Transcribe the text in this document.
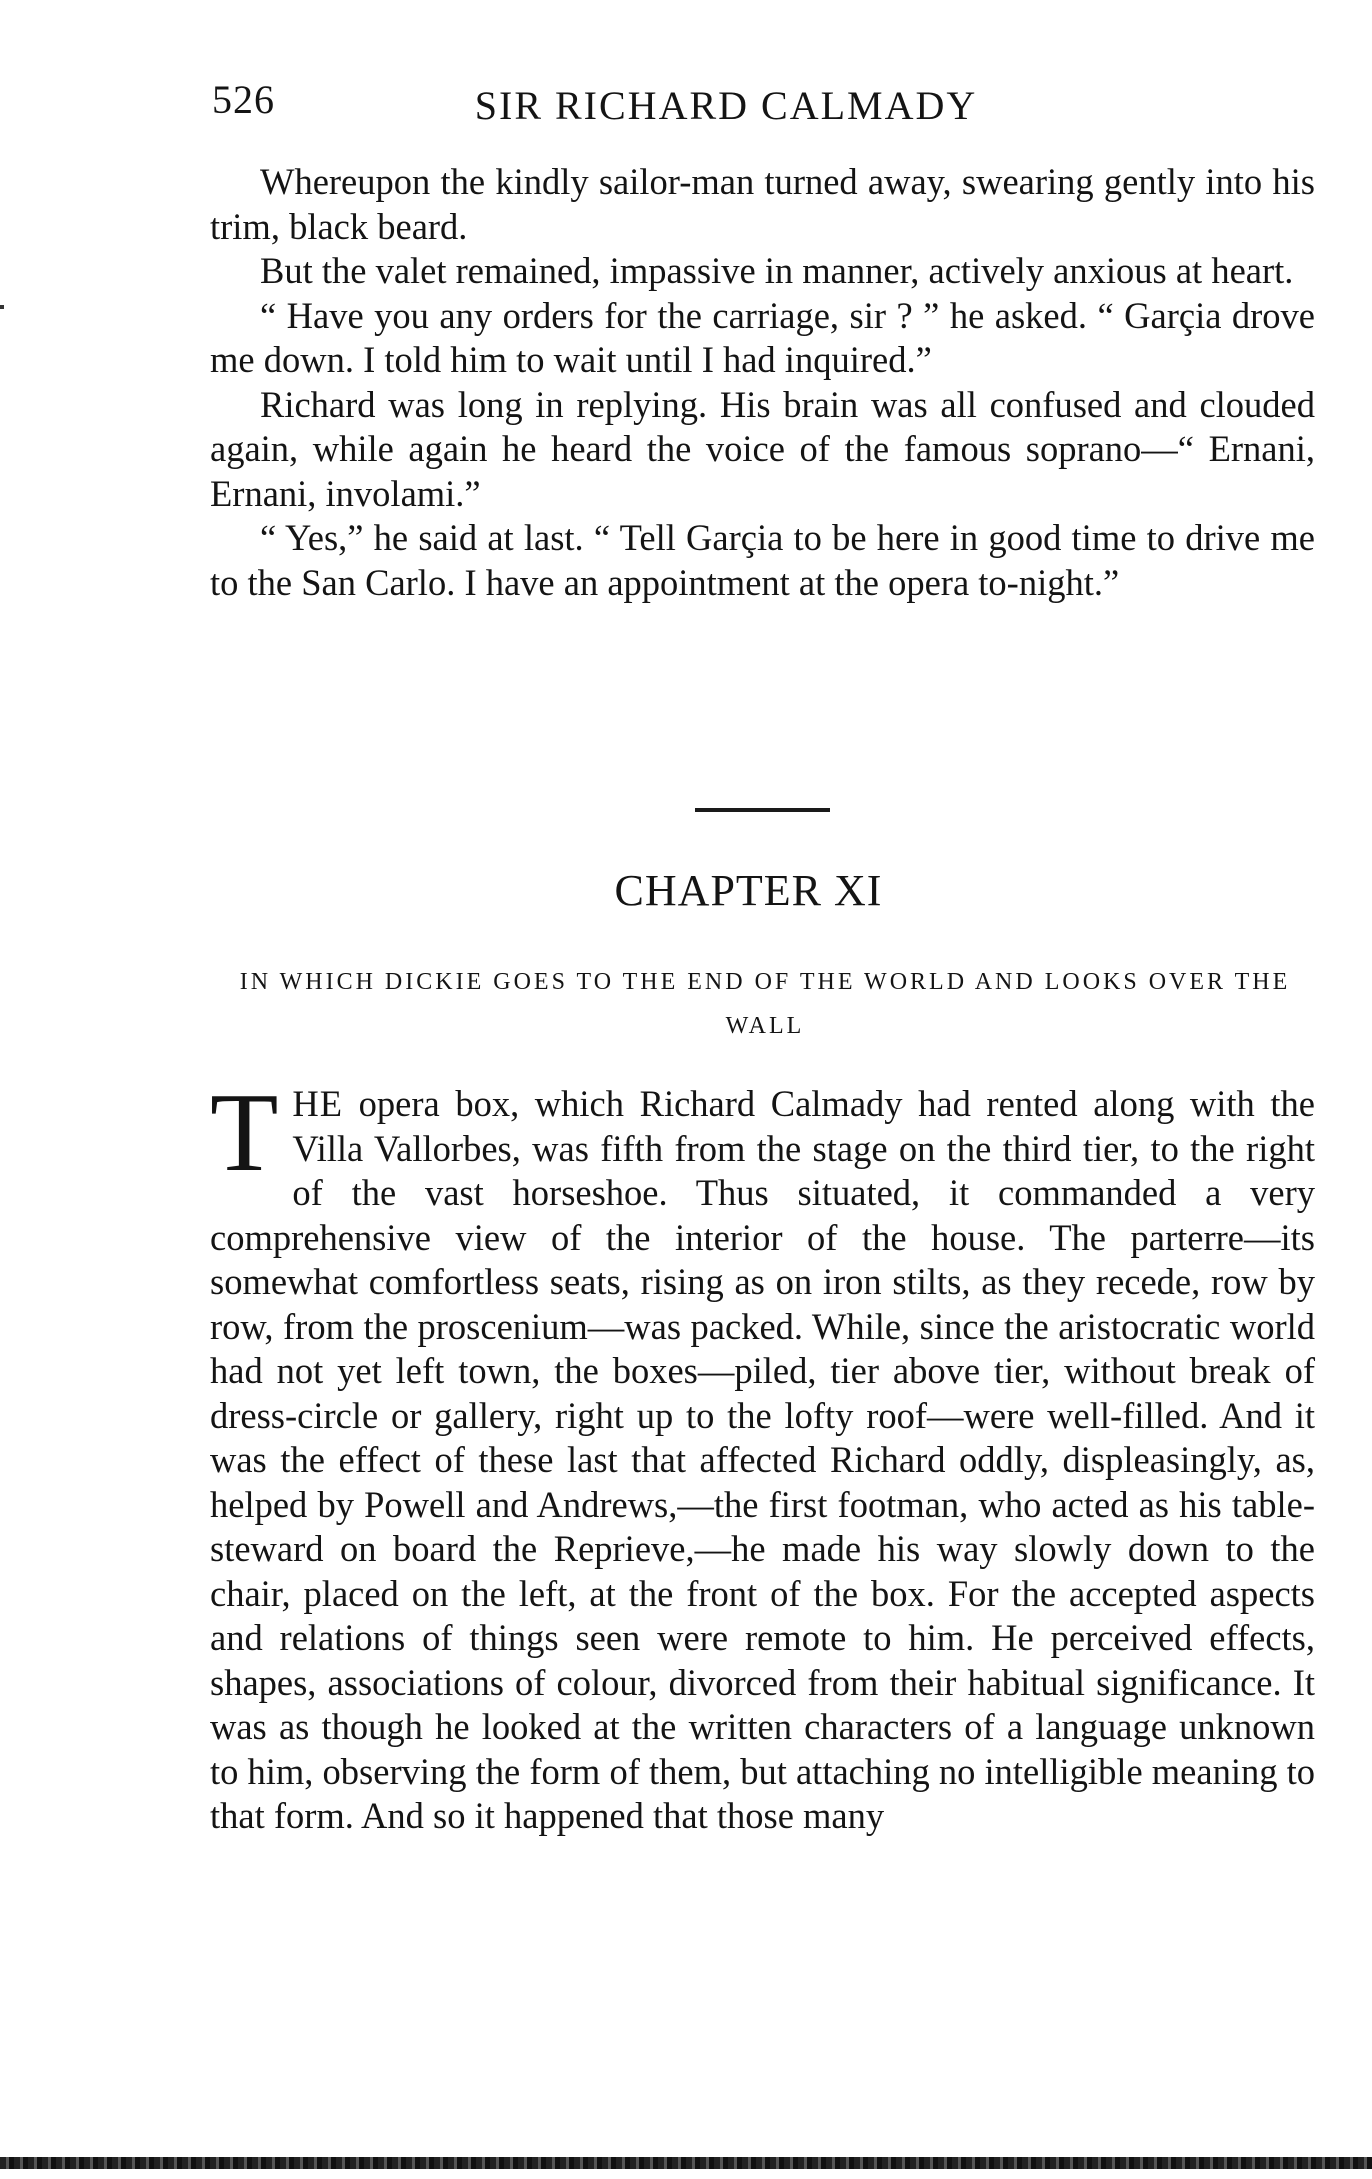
526	SIR RICHARD CALMADY

Whereupon the kindly sailor-man turned away, swearing gently into his trim, black beard.

But the valet remained, impassive in manner, actively anxious at heart.

“ Have you any orders for the carriage, sir ? ” he asked. “ Garçia drove me down. I told him to wait until I had inquired.”

Richard was long in replying. His brain was all confused and clouded again, while again he heard the voice of the famous soprano—“ Ernani, Ernani, involami.”

“ Yes,” he said at last. “ Tell Garçia to be here in good time to drive me to the San Carlo. I have an appointment at the opera to-night.”

CHAPTER XI
IN WHICH DICKIE GOES TO THE END OF THE WORLD AND LOOKS OVER THE WALL

THE opera box, which Richard Calmady had rented along with the Villa Vallorbes, was fifth from the stage on the third tier, to the right of the vast horseshoe. Thus situated, it commanded a very comprehensive view of the interior of the house. The parterre—its somewhat comfortless seats, rising as on iron stilts, as they recede, row by row, from the proscenium—was packed. While, since the aristocratic world had not yet left town, the boxes—piled, tier above tier, without break of dress-circle or gallery, right up to the lofty roof—were well-filled. And it was the effect of these last that affected Richard oddly, displeasingly, as, helped by Powell and Andrews,—the first footman, who acted as his table-steward on board the Reprieve,—he made his way slowly down to the chair, placed on the left, at the front of the box. For the accepted aspects and relations of things seen were remote to him. He perceived effects, shapes, associations of colour, divorced from their habitual significance. It was as though he looked at the written characters of a language unknown to him, observing the form of them, but attaching no intelligible meaning to that form. And so it happened that those many
